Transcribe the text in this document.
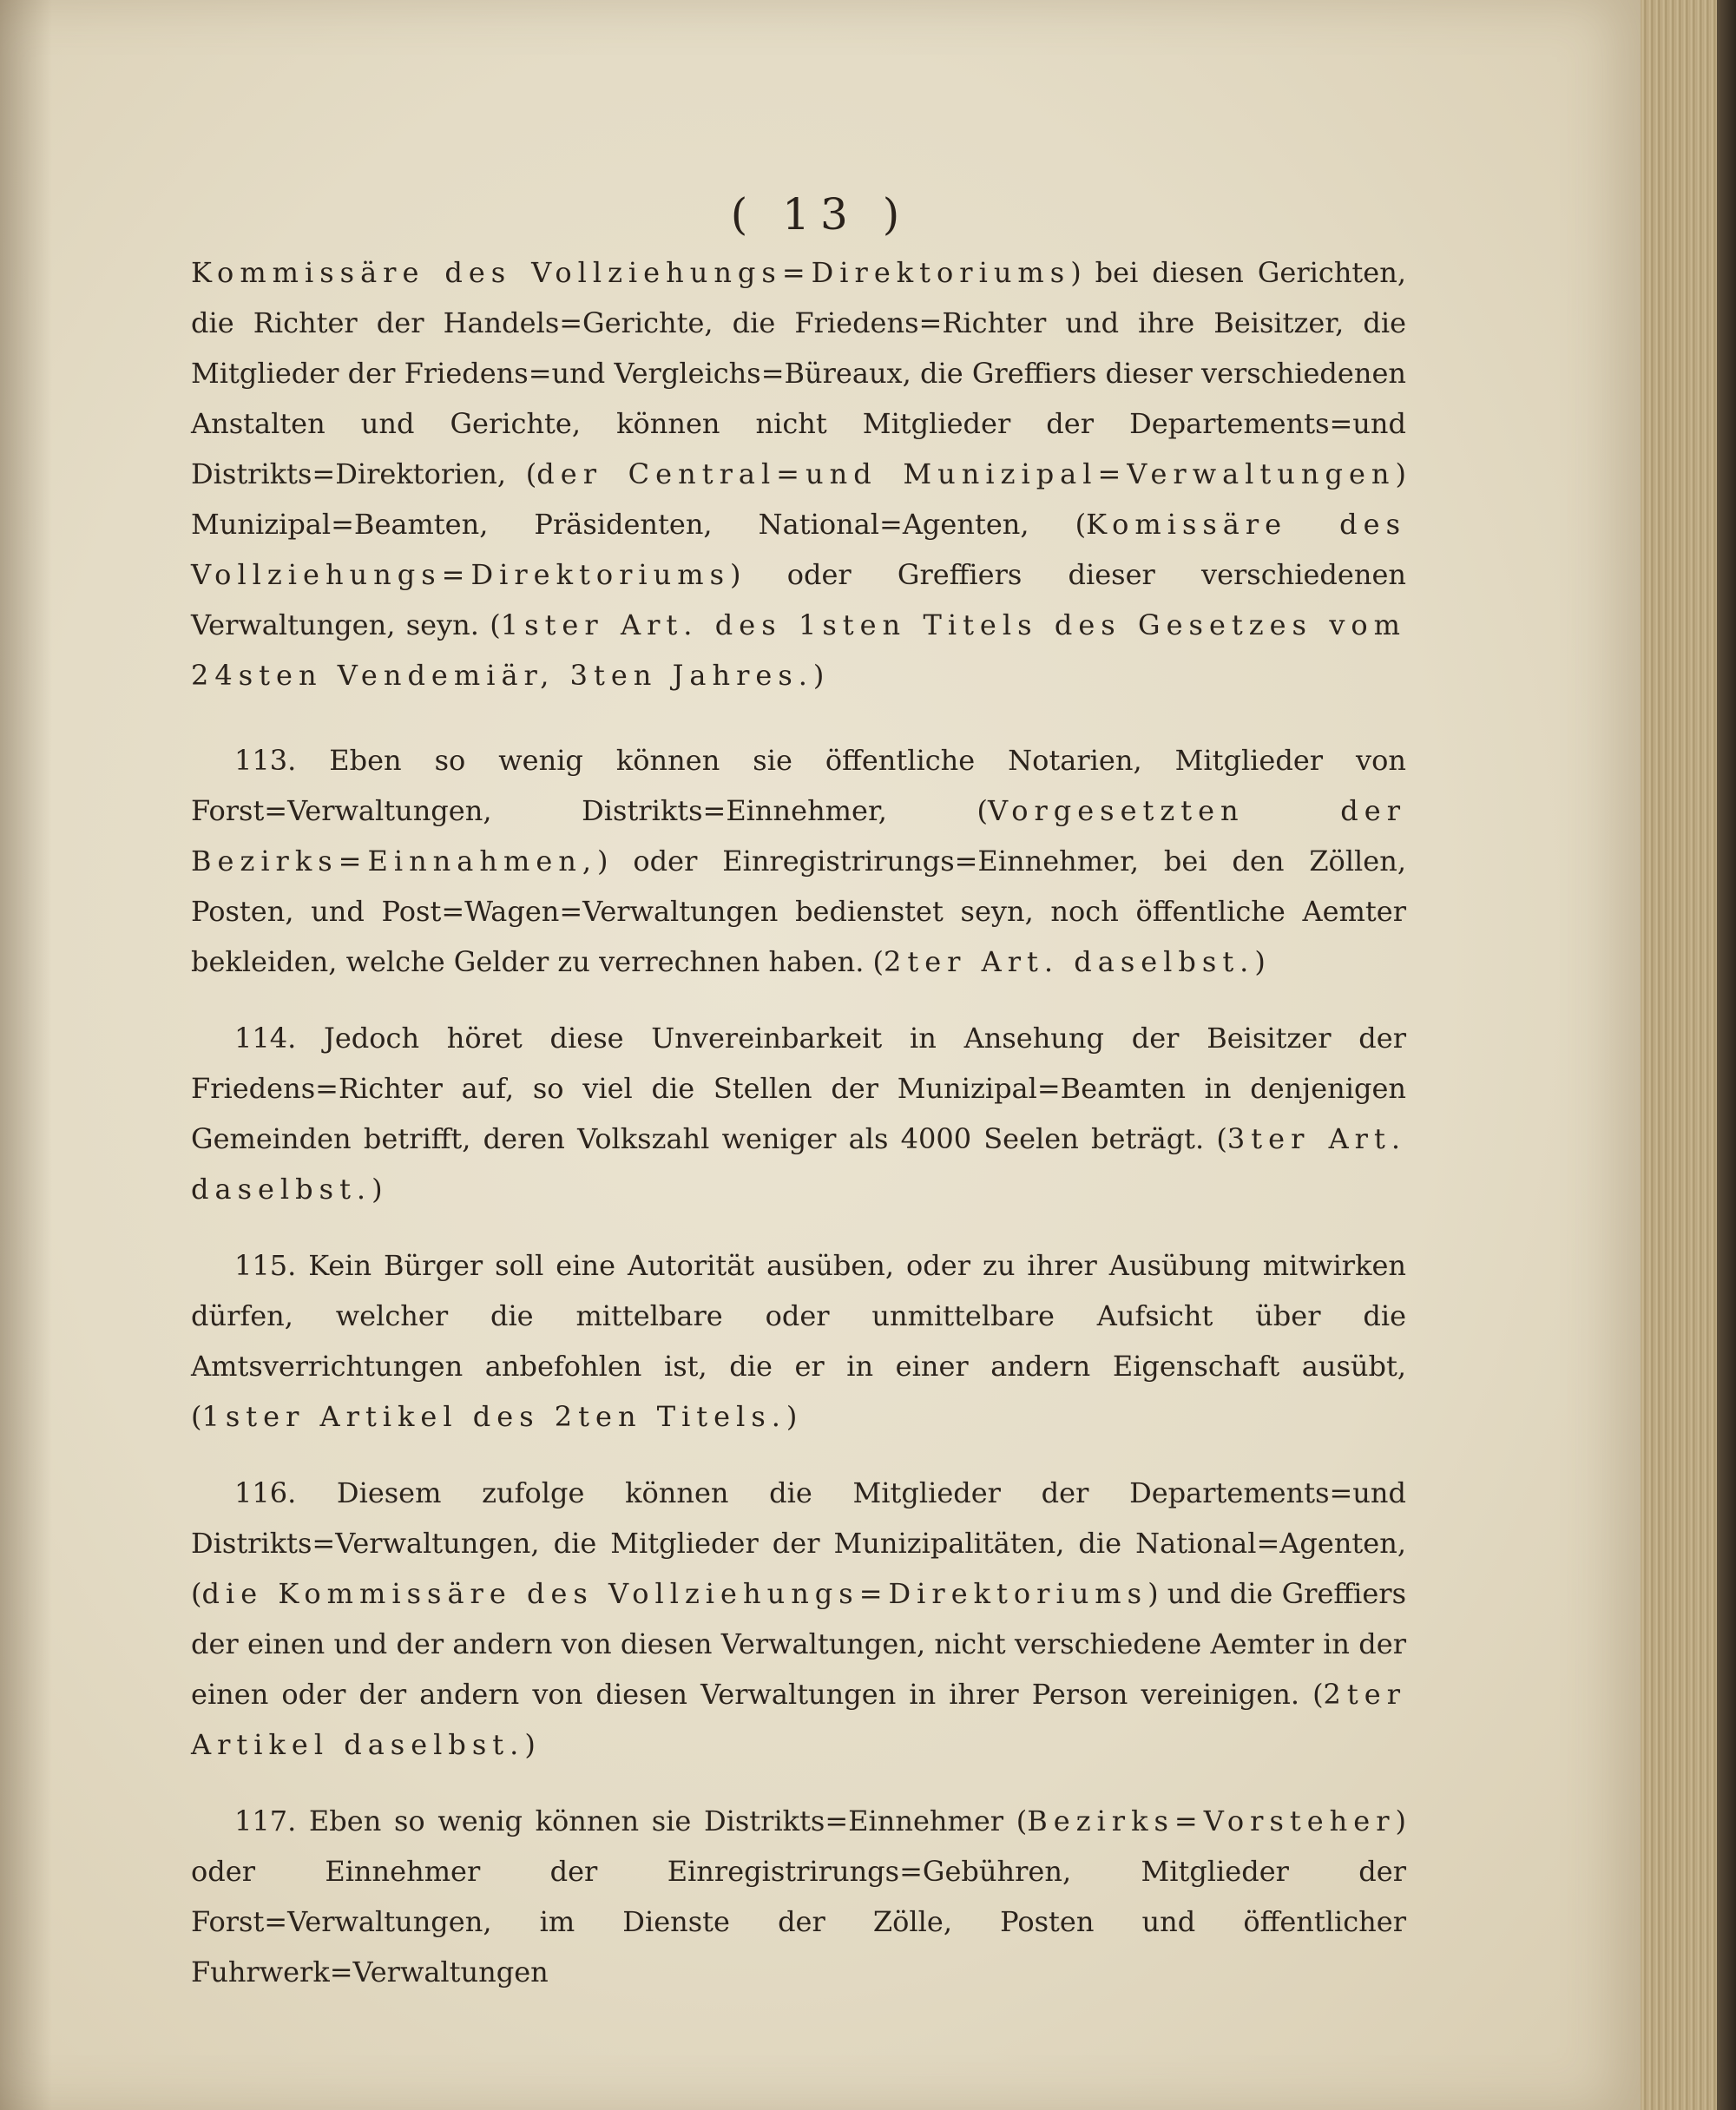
( 13 )

Kommissäre des Vollziehungs=Direktoriums) bei diesen Gerichten, die Richter der Handels=Gerichte, die Friedens=Richter und ihre Beisitzer, die Mitglieder der Friedens=und Vergleichs=Büreaux, die Greffiers dieser verschiedenen Anstalten und Gerichte, können nicht Mitglieder der Departements=und Distrikts=Direktorien, (der Central=und Munizipal=Verwaltungen) Munizipal=Beamten, Präsidenten, National=Agenten, (Komissäre des Vollziehungs=Direktoriums) oder Greffiers dieser verschiedenen Verwaltungen, seyn. (1ster Art. des 1sten Titels des Gesetzes vom 24sten Vendemiär, 3ten Jahres.)

113. Eben so wenig können sie öffentliche Notarien, Mitglieder von Forst=Verwaltungen, Distrikts=Einnehmer, (Vorgesetzten der Bezirks=Einnahmen,) oder Einregistrirungs=Einnehmer, bei den Zöllen, Posten, und Post=Wagen=Verwaltungen bedienstet seyn, noch öffentliche Aemter bekleiden, welche Gelder zu verrechnen haben. (2ter Art. daselbst.)

114. Jedoch höret diese Unvereinbarkeit in Ansehung der Beisitzer der Friedens=Richter auf, so viel die Stellen der Munizipal=Beamten in denjenigen Gemeinden betrifft, deren Volkszahl weniger als 4000 Seelen beträgt. (3ter Art. daselbst.)

115. Kein Bürger soll eine Autorität ausüben, oder zu ihrer Ausübung mitwirken dürfen, welcher die mittelbare oder unmittelbare Aufsicht über die Amtsverrichtungen anbefohlen ist, die er in einer andern Eigenschaft ausübt, (1ster Artikel des 2ten Titels.)

116. Diesem zufolge können die Mitglieder der Departements=und Distrikts=Verwaltungen, die Mitglieder der Munizipalitäten, die National=Agenten, (die Kommissäre des Vollziehungs=Direktoriums) und die Greffiers der einen und der andern von diesen Verwaltungen, nicht verschiedene Aemter in der einen oder der andern von diesen Verwaltungen in ihrer Person vereinigen. (2ter Artikel daselbst.)

117. Eben so wenig können sie Distrikts=Einnehmer (Bezirks=Vorsteher) oder Einnehmer der Einregistrirungs=Gebühren, Mitglieder der Forst=Verwaltungen, im Dienste der Zölle, Posten und öffentlicher Fuhrwerk=Verwaltungen
